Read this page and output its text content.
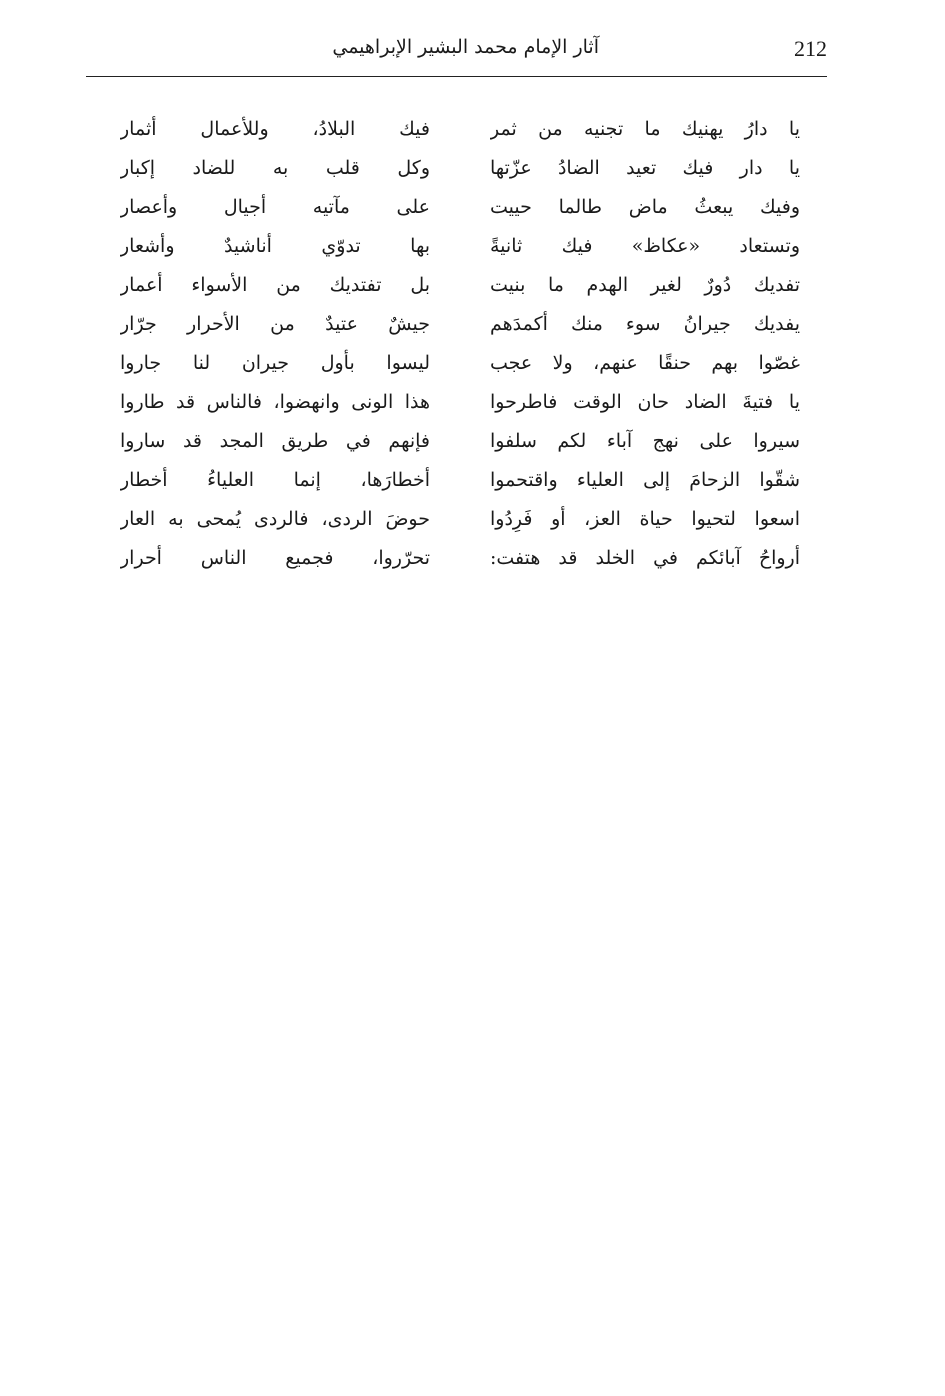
212
آثار الإمام محمد البشير الإبراهيمي
يا دارُ يهنيك ما تجنيه من ثمر
فيك البلادُ، وللأعمال أثمار
يا دار فيك تعيد الضادُ عزّتها
وكل قلب به للضاد إكبار
وفيك يبعثُ ماض طالما حييت
على مآتيه أجيال وأعصار
وتستعاد «عكاظ» فيك ثانيةً
بها تدوّي أناشيدٌ وأشعار
تفديك دُورٌ لغير الهدم ما بنيت
بل تفتديك من الأسواء أعمار
يفديك جيرانُ سوء منك أكمدَهم
جيشٌ عتيدٌ من الأحرار جرّار
غصّوا بهم حنقًا عنهم، ولا عجب
ليسوا بأول جيران لنا جاروا
يا فتيةَ الضاد حان الوقت فاطرحوا
هذا الونى وانهضوا، فالناس قد طاروا
سيروا على نهج آباء لكم سلفوا
فإنهم في طريق المجد قد ساروا
شقّوا الزحامَ إلى العلياء واقتحموا
أخطارَها، إنما العلياءُ أخطار
اسعوا لتحيوا حياة العز، أو فَرِدُوا
حوضَ الردى، فالردى يُمحى به العار
أرواحُ آبائكم في الخلد قد هتفت:
تحرّروا، فجميع الناس أحرار
